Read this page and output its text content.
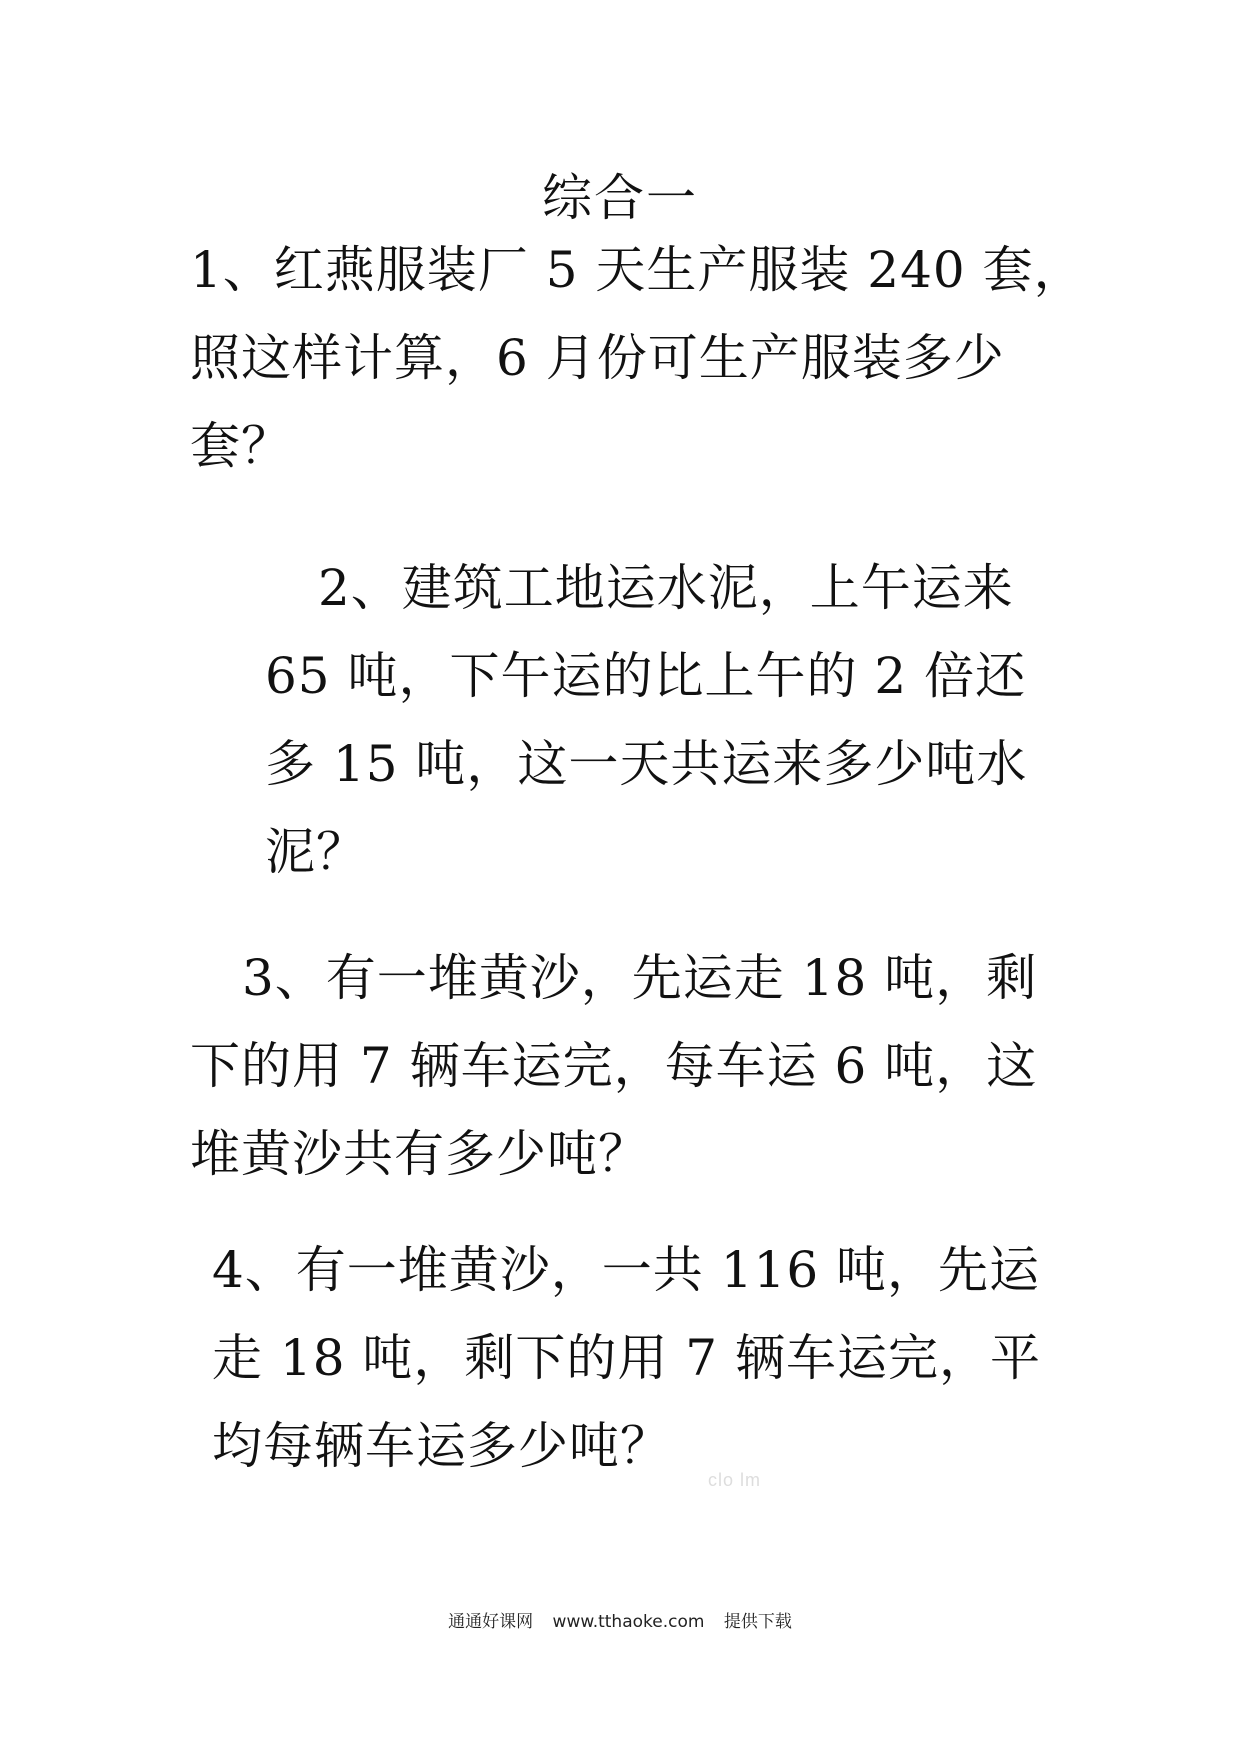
综合一
1、红燕服装厂 5 天生产服装 240 套，
照这样计算，6 月份可生产服装多少
套？
2、建筑工地运水泥，上午运来
65 吨，下午运的比上午的 2 倍还
多 15 吨，这一天共运来多少吨水
泥？
3、有一堆黄沙，先运走 18 吨，剩
下的用 7 辆车运完，每车运 6 吨，这
堆黄沙共有多少吨？
4、有一堆黄沙，一共 116 吨，先运
走 18 吨，剩下的用 7 辆车运完，平
均每辆车运多少吨？
clo lm
通通好课网 www.tthaoke.com 提供下载
